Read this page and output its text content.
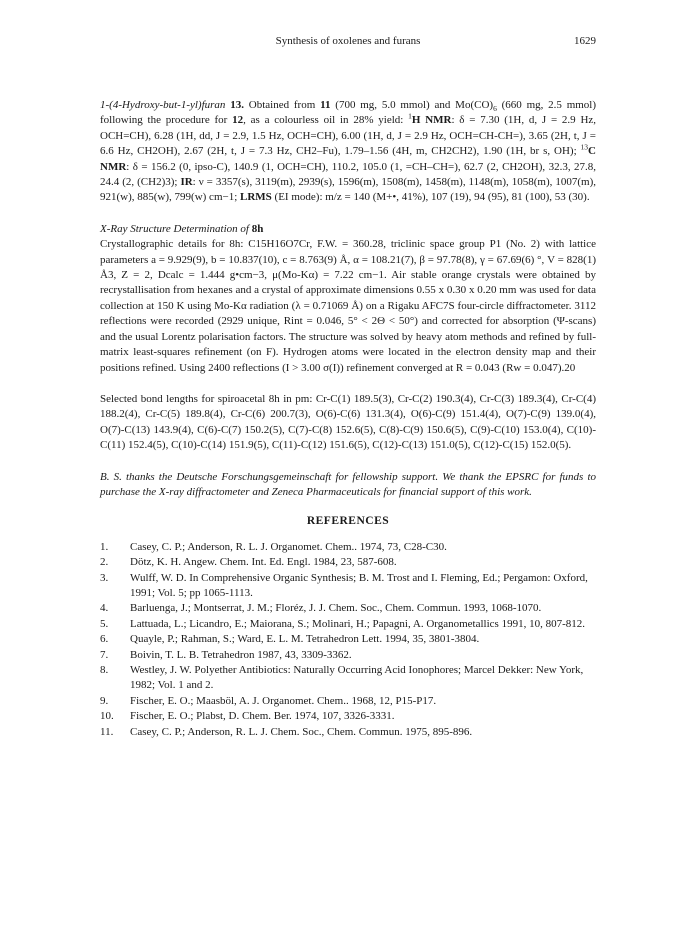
Synthesis of oxolenes and furans	1629

1-(4-Hydroxy-but-1-yl)furan 13. Obtained from 11 (700 mg, 5.0 mmol) and $Mo(CO)_6$ (660 mg, 2.5 mmol) following the procedure for 12, as a colourless oil in 28% yield: $^1$H NMR: δ = 7.30 (1H, d, J = 2.9 Hz, OCH=CH), 6.28 (1H, dd, J = 2.9, 1.5 Hz, OCH=CH), 6.00 (1H, d, J = 2.9 Hz, OCH=CH-CH=), 3.65 (2H, t, J = 6.6 Hz, CH2OH), 2.67 (2H, t, J = 7.3 Hz, CH2–Fu), 1.79–1.56 (4H, m, CH2CH2), 1.90 (1H, br s, OH); $^{13}$C NMR: δ = 156.2 (0, ipso-C), 140.9 (1, OCH=CH), 110.2, 105.0 (1, =CH–CH=), 62.7 (2, CH2OH), 32.3, 27.8, 24.4 (2, (CH2)3); IR: ν = 3357(s), 3119(m), 2939(s), 1596(m), 1508(m), 1458(m), 1148(m), 1058(m), 1007(m), 921(w), 885(w), 799(w) cm−1; LRMS (EI mode): m/z = 140 (M+•, 41%), 107 (19), 94 (95), 81 (100), 53 (30).

X-Ray Structure Determination of 8h

Crystallographic details for 8h: C15H16O7Cr, F.W. = 360.28, triclinic space group P1 (No. 2) with lattice parameters a = 9.929(9), b = 10.837(10), c = 8.763(9) Å, α = 108.21(7), β = 97.78(8), γ = 67.69(6) °, V = 828(1) Å3, Z = 2, Dcalc = 1.444 g•cm−3, μ(Mo-Kα) = 7.22 cm−1. Air stable orange crystals were obtained by recrystallisation from hexanes and a crystal of approximate dimensions 0.55 x 0.30 x 0.20 mm was used for data collection at 150 K using Mo-Kα radiation (λ = 0.71069 Å) on a Rigaku AFC7S four-circle diffractometer. 3112 reflections were recorded (2929 unique, Rint = 0.046, 5° < 2Θ < 50°) and corrected for absorption (Ψ-scans) and the usual Lorentz polarisation factors. The structure was solved by heavy atom methods and refined by full-matrix least-squares refinement (on F). Hydrogen atoms were located in the electron density map and their positions refined. Using 2400 reflections (I > 3.00 σ(I)) refinement converged at R = 0.043 (Rw = 0.047).20

Selected bond lengths for spiroacetal 8h in pm: Cr-C(1) 189.5(3), Cr-C(2) 190.3(4), Cr-C(3) 189.3(4), Cr-C(4) 188.2(4), Cr-C(5) 189.8(4), Cr-C(6) 200.7(3), O(6)-C(6) 131.3(4), O(6)-C(9) 151.4(4), O(7)-C(9) 139.0(4), O(7)-C(13) 143.9(4), C(6)-C(7) 150.2(5), C(7)-C(8) 152.6(5), C(8)-C(9) 150.6(5), C(9)-C(10) 153.0(4), C(10)-C(11) 152.4(5), C(10)-C(14) 151.9(5), C(11)-C(12) 151.6(5), C(12)-C(13) 151.0(5), C(12)-C(15) 152.0(5).

B. S. thanks the Deutsche Forschungsgemeinschaft for fellowship support. We thank the EPSRC for funds to purchase the X-ray diffractometer and Zeneca Pharmaceuticals for financial support of this work.

REFERENCES
1.	Casey, C. P.; Anderson, R. L. J. Organomet. Chem.. 1974, 73, C28-C30.
2.	Dötz, K. H. Angew. Chem. Int. Ed. Engl. 1984, 23, 587-608.
3.	Wulff, W. D. In Comprehensive Organic Synthesis; B. M. Trost and I. Fleming, Ed.; Pergamon: Oxford, 1991; Vol. 5; pp 1065-1113.
4.	Barluenga, J.; Montserrat, J. M.; Floréz, J. J. Chem. Soc., Chem. Commun. 1993, 1068-1070.
5.	Lattuada, L.; Licandro, E.; Maiorana, S.; Molinari, H.; Papagni, A. Organometallics 1991, 10, 807-812.
6.	Quayle, P.; Rahman, S.; Ward, E. L. M. Tetrahedron Lett. 1994, 35, 3801-3804.
7.	Boivin, T. L. B. Tetrahedron 1987, 43, 3309-3362.
8.	Westley, J. W. Polyether Antibiotics: Naturally Occurring Acid Ionophores; Marcel Dekker: New York, 1982; Vol. 1 and 2.
9.	Fischer, E. O.; Maasböl, A. J. Organomet. Chem.. 1968, 12, P15-P17.
10.	Fischer, E. O.; Plabst, D. Chem. Ber. 1974, 107, 3326-3331.
11.	Casey, C. P.; Anderson, R. L. J. Chem. Soc., Chem. Commun. 1975, 895-896.
